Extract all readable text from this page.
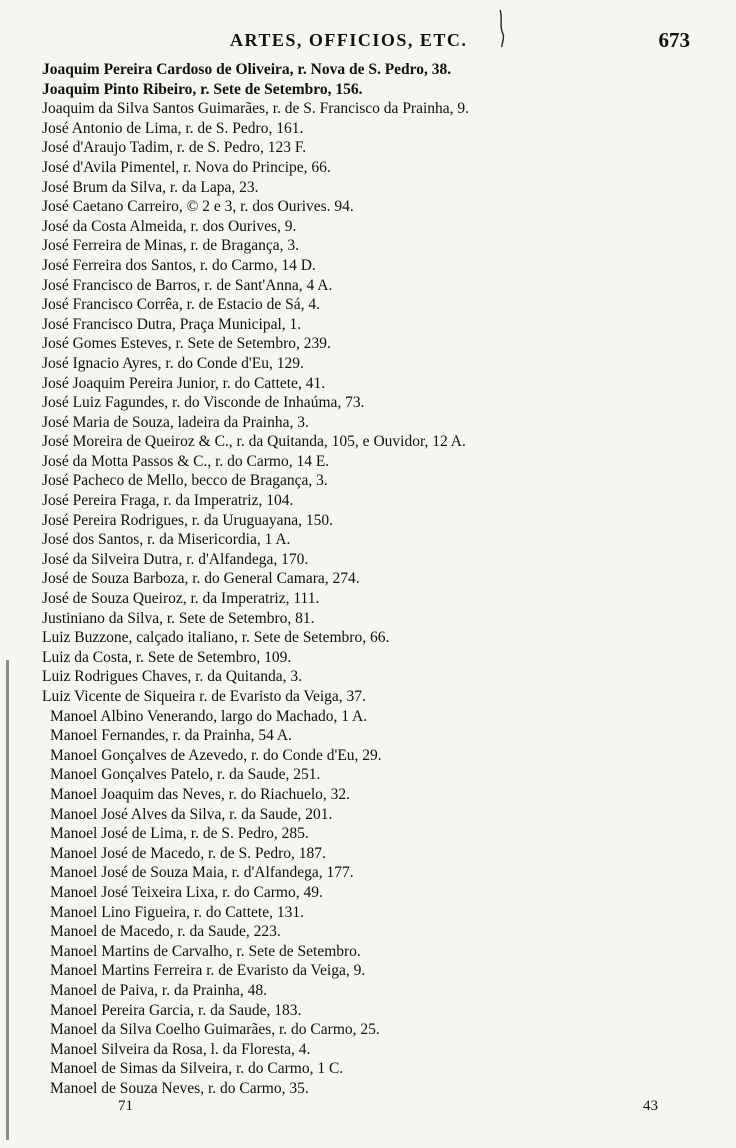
ARTES, OFFICIOS, ETC.	673
Joaquim Pereira Cardoso de Oliveira, r. Nova de S. Pedro, 38.
Joaquim Pinto Ribeiro, r. Sete de Setembro, 156.
Joaquim da Silva Santos Guimarães, r. de S. Francisco da Prainha, 9.
José Antonio de Lima, r. de S. Pedro, 161.
José d'Araujo Tadim, r. de S. Pedro, 123 F.
José d'Avila Pimentel, r. Nova do Principe, 66.
José Brum da Silva, r. da Lapa, 23.
José Caetano Carreiro, © 2 e 3, r. dos Ourives. 94.
José da Costa Almeida, r. dos Ourives, 9.
José Ferreira de Minas, r. de Bragança, 3.
José Ferreira dos Santos, r. do Carmo, 14 D.
José Francisco de Barros, r. de Sant'Anna, 4 A.
José Francisco Corrêa, r. de Estacio de Sá, 4.
José Francisco Dutra, Praça Municipal, 1.
José Gomes Esteves, r. Sete de Setembro, 239.
José Ignacio Ayres, r. do Conde d'Eu, 129.
José Joaquim Pereira Junior, r. do Cattete, 41.
José Luiz Fagundes, r. do Visconde de Inhaúma, 73.
José Maria de Souza, ladeira da Prainha, 3.
José Moreira de Queiroz & C., r. da Quitanda, 105, e Ouvidor, 12 A.
José da Motta Passos & C., r. do Carmo, 14 E.
José Pacheco de Mello, becco de Bragança, 3.
José Pereira Fraga, r. da Imperatriz, 104.
José Pereira Rodrigues, r. da Uruguayana, 150.
José dos Santos, r. da Misericordia, 1 A.
José da Silveira Dutra, r. d'Alfandega, 170.
José de Souza Barboza, r. do General Camara, 274.
José de Souza Queiroz, r. da Imperatriz, 111.
Justiniano da Silva, r. Sete de Setembro, 81.
Luiz Buzzone, calçado italiano, r. Sete de Setembro, 66.
Luiz da Costa, r. Sete de Setembro, 109.
Luiz Rodrigues Chaves, r. da Quitanda, 3.
Luiz Vicente de Siqueira r. de Evaristo da Veiga, 37.
Manoel Albino Venerando, largo do Machado, 1 A.
Manoel Fernandes, r. da Prainha, 54 A.
Manoel Gonçalves de Azevedo, r. do Conde d'Eu, 29.
Manoel Gonçalves Patelo, r. da Saude, 251.
Manoel Joaquim das Neves, r. do Riachuelo, 32.
Manoel José Alves da Silva, r. da Saude, 201.
Manoel José de Lima, r. de S. Pedro, 285.
Manoel José de Macedo, r. de S. Pedro, 187.
Manoel José de Souza Maia, r. d'Alfandega, 177.
Manoel José Teixeira Lixa, r. do Carmo, 49.
Manoel Lino Figueira, r. do Cattete, 131.
Manoel de Macedo, r. da Saude, 223.
Manoel Martins de Carvalho, r. Sete de Setembro.
Manoel Martins Ferreira r. de Evaristo da Veiga, 9.
Manoel de Paiva, r. da Prainha, 48.
Manoel Pereira Garcia, r. da Saude, 183.
Manoel da Silva Coelho Guimarães, r. do Carmo, 25.
Manoel Silveira da Rosa, l. da Floresta, 4.
Manoel de Simas da Silveira, r. do Carmo, 1 C.
Manoel de Souza Neves, r. do Carmo, 35.
71	43
